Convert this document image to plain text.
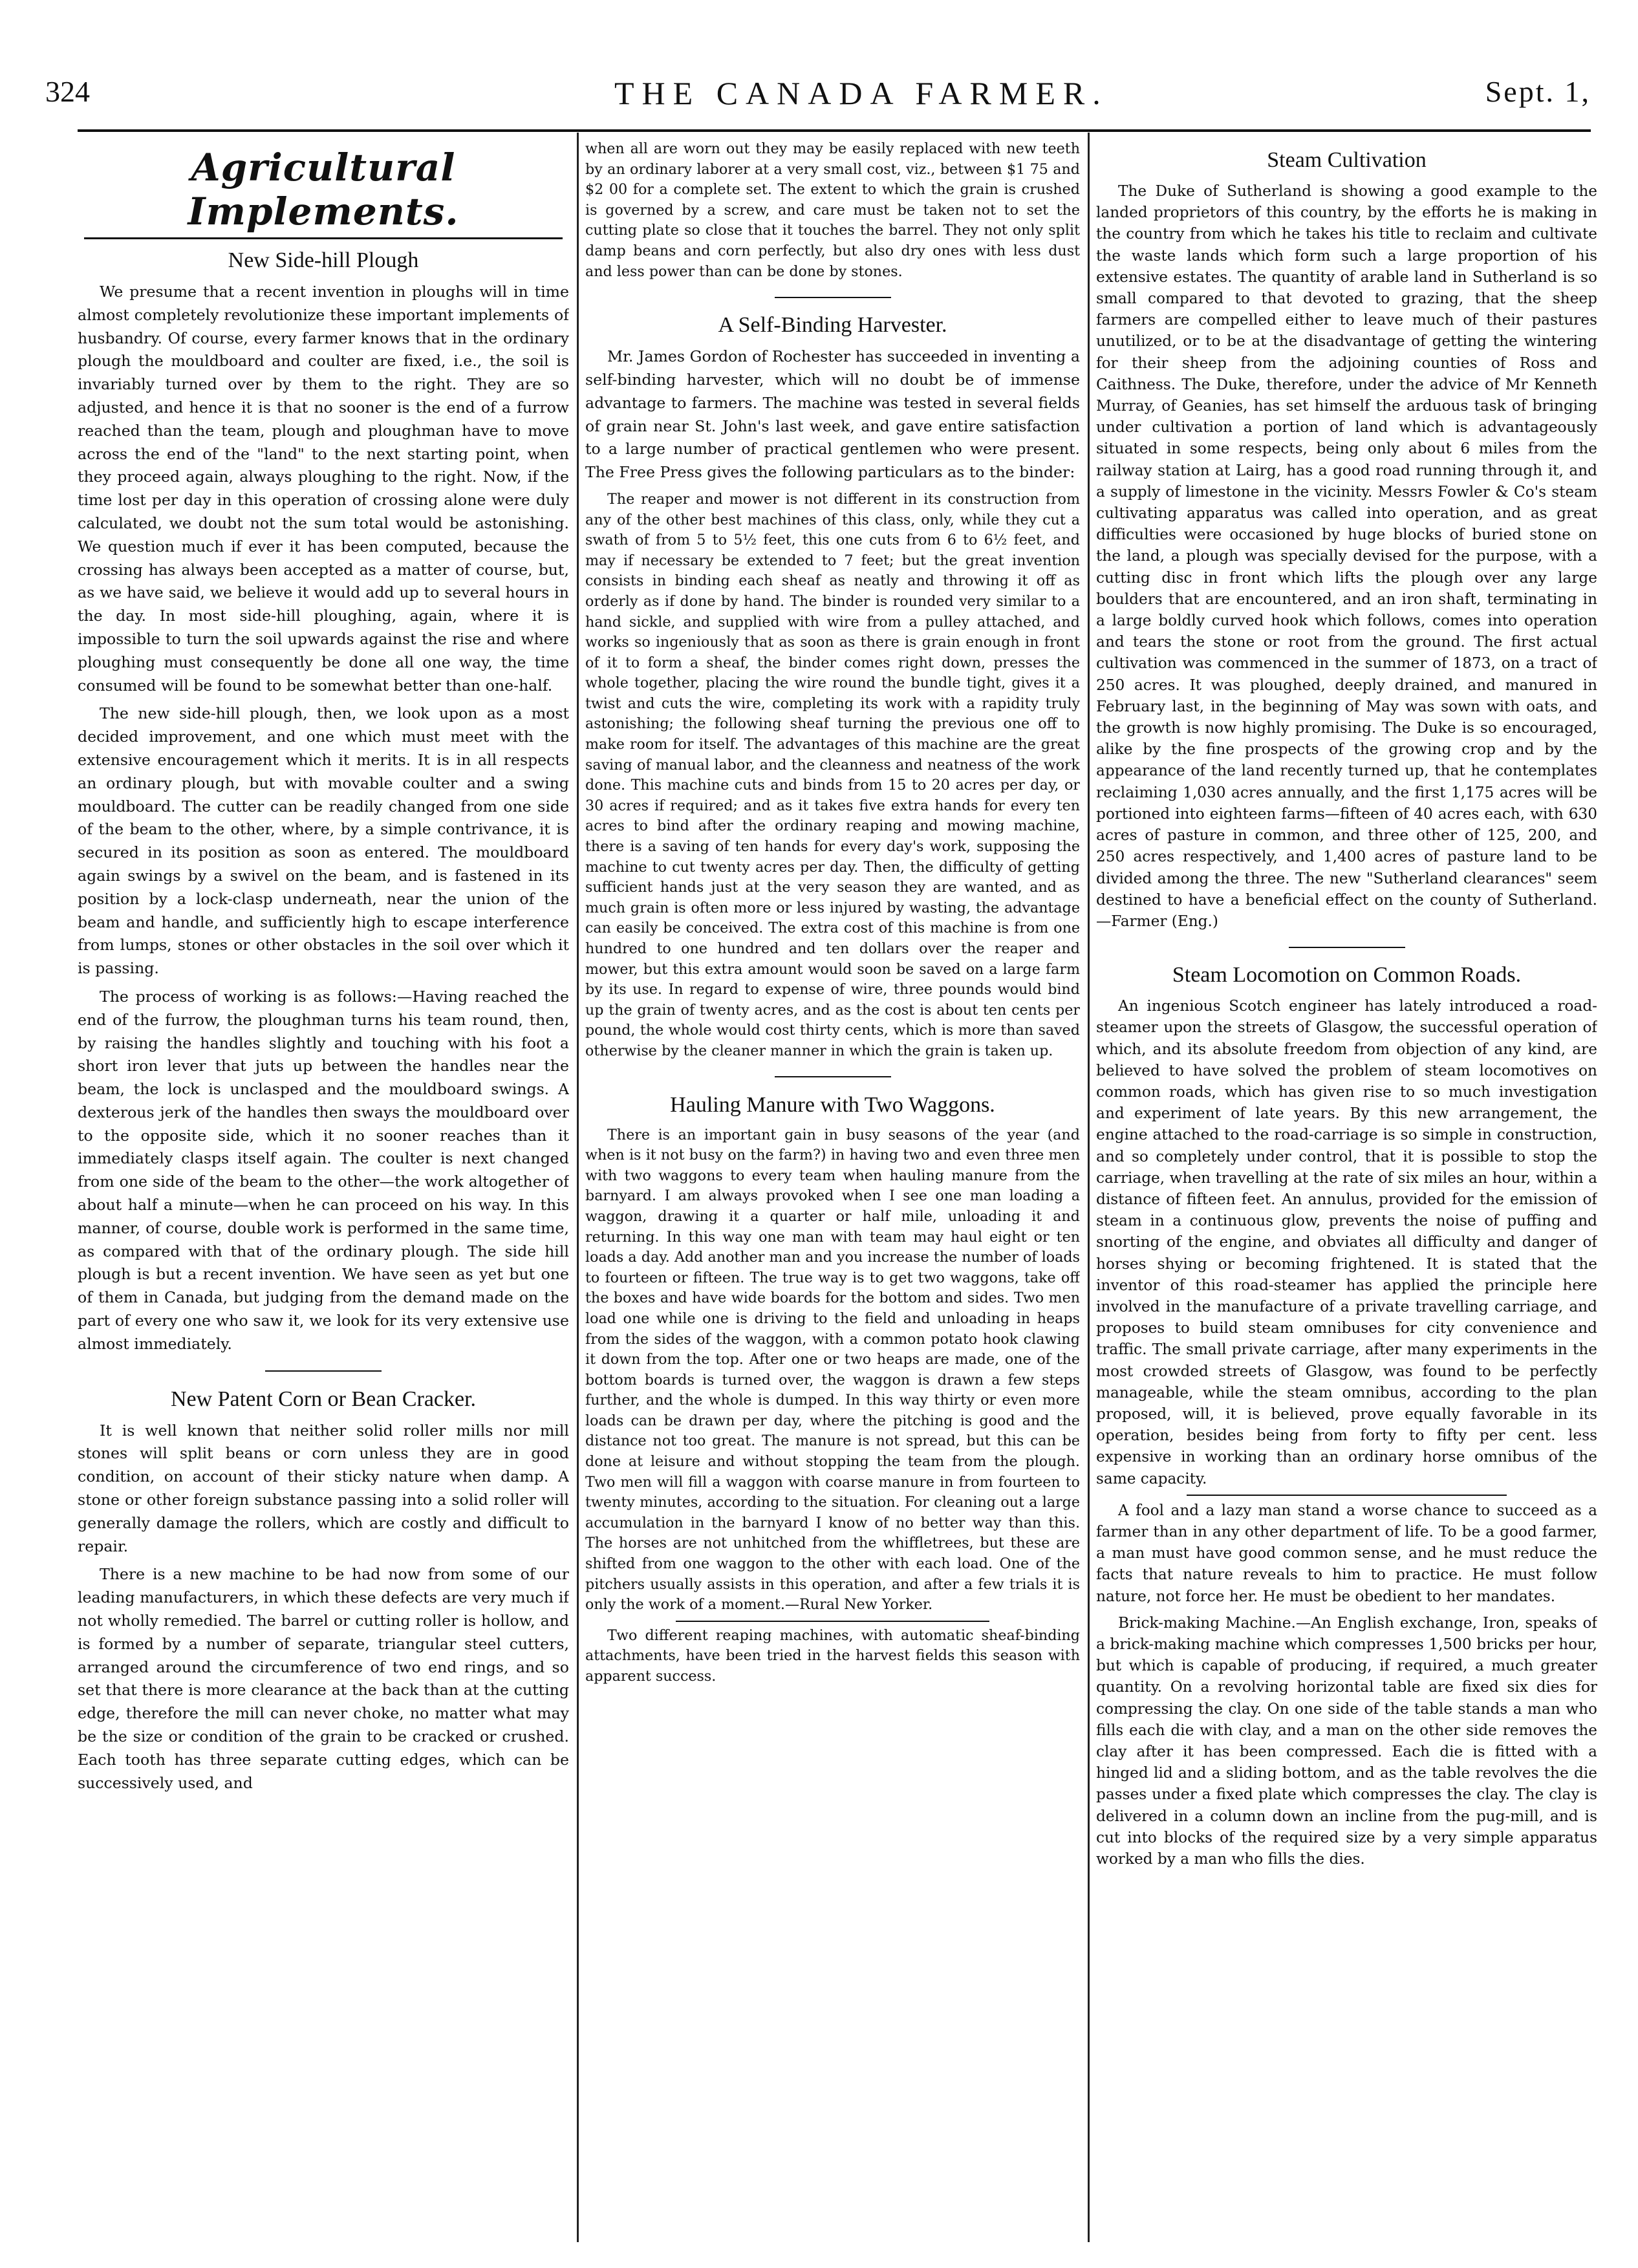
324	THE CANADA FARMER.	Sept. 1,
Agricultural Implements.
New Side-hill Plough

We presume that a recent invention in ploughs will in time almost completely revolutionize these important implements of husbandry. Of course, every farmer knows that in the ordinary plough the mouldboard and coulter are fixed, i.e., the soil is invariably turned over by them to the right. They are so adjusted, and hence it is that no sooner is the end of a furrow reached than the team, plough and ploughman have to move across the end of the "land" to the next starting point, when they proceed again, always ploughing to the right. Now, if the time lost per day in this operation of crossing alone were duly calculated, we doubt not the sum total would be astonishing. We question much if ever it has been computed, because the crossing has always been accepted as a matter of course, but, as we have said, we believe it would add up to several hours in the day. In most side-hill ploughing, again, where it is impossible to turn the soil upwards against the rise and where ploughing must consequently be done all one way, the time consumed will be found to be somewhat better than one-half.

The new side-hill plough, then, we look upon as a most decided improvement, and one which must meet with the extensive encouragement which it merits. It is in all respects an ordinary plough, but with movable coulter and a swing mouldboard. The cutter can be readily changed from one side of the beam to the other, where, by a simple contrivance, it is secured in its position as soon as entered. The mouldboard again swings by a swivel on the beam, and is fastened in its position by a lock-clasp underneath, near the union of the beam and handle, and sufficiently high to escape interference from lumps, stones or other obstacles in the soil over which it is passing.

The process of working is as follows:—Having reached the end of the furrow, the ploughman turns his team round, then, by raising the handles slightly and touching with his foot a short iron lever that juts up between the handles near the beam, the lock is unclasped and the mouldboard swings. A dexterous jerk of the handles then sways the mouldboard over to the opposite side, which it no sooner reaches than it immediately clasps itself again. The coulter is next changed from one side of the beam to the other—the work altogether of about half a minute—when he can proceed on his way. In this manner, of course, double work is performed in the same time, as compared with that of the ordinary plough. The side hill plough is but a recent invention. We have seen as yet but one of them in Canada, but judging from the demand made on the part of every one who saw it, we look for its very extensive use almost immediately.

New Patent Corn or Bean Cracker.

It is well known that neither solid roller mills nor mill stones will split beans or corn unless they are in good condition, on account of their sticky nature when damp. A stone or other foreign substance passing into a solid roller will generally damage the rollers, which are costly and difficult to repair.

There is a new machine to be had now from some of our leading manufacturers, in which these defects are very much if not wholly remedied. The barrel or cutting roller is hollow, and is formed by a number of separate, triangular steel cutters, arranged around the circumference of two end rings, and so set that there is more clearance at the back than at the cutting edge, therefore the mill can never choke, no matter what may be the size or condition of the grain to be cracked or crushed. Each tooth has three separate cutting edges, which can be successively used, and

when all are worn out they may be easily replaced with new teeth by an ordinary laborer at a very small cost, viz., between $1 75 and $2 00 for a complete set. The extent to which the grain is crushed is governed by a screw, and care must be taken not to set the cutting plate so close that it touches the barrel. They not only split damp beans and corn perfectly, but also dry ones with less dust and less power than can be done by stones.

A Self-Binding Harvester.

Mr. James Gordon of Rochester has succeeded in inventing a self-binding harvester, which will no doubt be of immense advantage to farmers. The machine was tested in several fields of grain near St. John's last week, and gave entire satisfaction to a large number of practical gentlemen who were present. The Free Press gives the following particulars as to the binder:

The reaper and mower is not different in its construction from any of the other best machines of this class, only, while they cut a swath of from 5 to 5½ feet, this one cuts from 6 to 6½ feet, and may if necessary be extended to 7 feet; but the great invention consists in binding each sheaf as neatly and throwing it off as orderly as if done by hand. The binder is rounded very similar to a hand sickle, and supplied with wire from a pulley attached, and works so ingeniously that as soon as there is grain enough in front of it to form a sheaf, the binder comes right down, presses the whole together, placing the wire round the bundle tight, gives it a twist and cuts the wire, completing its work with a rapidity truly astonishing; the following sheaf turning the previous one off to make room for itself. The advantages of this machine are the great saving of manual labor, and the cleanness and neatness of the work done. This machine cuts and binds from 15 to 20 acres per day, or 30 acres if required; and as it takes five extra hands for every ten acres to bind after the ordinary reaping and mowing machine, there is a saving of ten hands for every day's work, supposing the machine to cut twenty acres per day. Then, the difficulty of getting sufficient hands just at the very season they are wanted, and as much grain is often more or less injured by wasting, the advantage can easily be conceived. The extra cost of this machine is from one hundred to one hundred and ten dollars over the reaper and mower, but this extra amount would soon be saved on a large farm by its use. In regard to expense of wire, three pounds would bind up the grain of twenty acres, and as the cost is about ten cents per pound, the whole would cost thirty cents, which is more than saved otherwise by the cleaner manner in which the grain is taken up.

Hauling Manure with Two Waggons.

There is an important gain in busy seasons of the year (and when is it not busy on the farm?) in having two and even three men with two waggons to every team when hauling manure from the barnyard. I am always provoked when I see one man loading a waggon, drawing it a quarter or half mile, unloading it and returning. In this way one man with team may haul eight or ten loads a day. Add another man and you increase the number of loads to fourteen or fifteen. The true way is to get two waggons, take off the boxes and have wide boards for the bottom and sides. Two men load one while one is driving to the field and unloading in heaps from the sides of the waggon, with a common potato hook clawing it down from the top. After one or two heaps are made, one of the bottom boards is turned over, the waggon is drawn a few steps further, and the whole is dumped. In this way thirty or even more loads can be drawn per day, where the pitching is good and the distance not too great. The manure is not spread, but this can be done at leisure and without stopping the team from the plough. Two men will fill a waggon with coarse manure in from fourteen to twenty minutes, according to the situation. For cleaning out a large accumulation in the barnyard I know of no better way than this. The horses are not unhitched from the whiffletrees, but these are shifted from one waggon to the other with each load. One of the pitchers usually assists in this operation, and after a few trials it is only the work of a moment.—Rural New Yorker.

Two different reaping machines, with automatic sheaf-binding attachments, have been tried in the harvest fields this season with apparent success.

Steam Cultivation

The Duke of Sutherland is showing a good example to the landed proprietors of this country, by the efforts he is making in the country from which he takes his title to reclaim and cultivate the waste lands which form such a large proportion of his extensive estates. The quantity of arable land in Sutherland is so small compared to that devoted to grazing, that the sheep farmers are compelled either to leave much of their pastures unutilized, or to be at the disadvantage of getting the wintering for their sheep from the adjoining counties of Ross and Caithness. The Duke, therefore, under the advice of Mr Kenneth Murray, of Geanies, has set himself the arduous task of bringing under cultivation a portion of land which is advantageously situated in some respects, being only about 6 miles from the railway station at Lairg, has a good road running through it, and a supply of limestone in the vicinity. Messrs Fowler & Co's steam cultivating apparatus was called into operation, and as great difficulties were occasioned by huge blocks of buried stone on the land, a plough was specially devised for the purpose, with a cutting disc in front which lifts the plough over any large boulders that are encountered, and an iron shaft, terminating in a large boldly curved hook which follows, comes into operation and tears the stone or root from the ground. The first actual cultivation was commenced in the summer of 1873, on a tract of 250 acres. It was ploughed, deeply drained, and manured in February last, in the beginning of May was sown with oats, and the growth is now highly promising. The Duke is so encouraged, alike by the fine prospects of the growing crop and by the appearance of the land recently turned up, that he contemplates reclaiming 1,030 acres annually, and the first 1,175 acres will be portioned into eighteen farms—fifteen of 40 acres each, with 630 acres of pasture in common, and three other of 125, 200, and 250 acres respectively, and 1,400 acres of pasture land to be divided among the three. The new "Sutherland clearances" seem destined to have a beneficial effect on the county of Sutherland.—Farmer (Eng.)

Steam Locomotion on Common Roads.

An ingenious Scotch engineer has lately introduced a road-steamer upon the streets of Glasgow, the successful operation of which, and its absolute freedom from objection of any kind, are believed to have solved the problem of steam locomotives on common roads, which has given rise to so much investigation and experiment of late years. By this new arrangement, the engine attached to the road-carriage is so simple in construction, and so completely under control, that it is possible to stop the carriage, when travelling at the rate of six miles an hour, within a distance of fifteen feet. An annulus, provided for the emission of steam in a continuous glow, prevents the noise of puffing and snorting of the engine, and obviates all difficulty and danger of horses shying or becoming frightened. It is stated that the inventor of this road-steamer has applied the principle here involved in the manufacture of a private travelling carriage, and proposes to build steam omnibuses for city convenience and traffic. The small private carriage, after many experiments in the most crowded streets of Glasgow, was found to be perfectly manageable, while the steam omnibus, according to the plan proposed, will, it is believed, prove equally favorable in its operation, besides being from forty to fifty per cent. less expensive in working than an ordinary horse omnibus of the same capacity.

A fool and a lazy man stand a worse chance to succeed as a farmer than in any other department of life. To be a good farmer, a man must have good common sense, and he must reduce the facts that nature reveals to him to practice. He must follow nature, not force her. He must be obedient to her mandates.

Brick-making Machine.—An English exchange, Iron, speaks of a brick-making machine which compresses 1,500 bricks per hour, but which is capable of producing, if required, a much greater quantity. On a revolving horizontal table are fixed six dies for compressing the clay. On one side of the table stands a man who fills each die with clay, and a man on the other side removes the clay after it has been compressed. Each die is fitted with a hinged lid and a sliding bottom, and as the table revolves the die passes under a fixed plate which compresses the clay. The clay is delivered in a column down an incline from the pug-mill, and is cut into blocks of the required size by a very simple apparatus worked by a man who fills the dies.
